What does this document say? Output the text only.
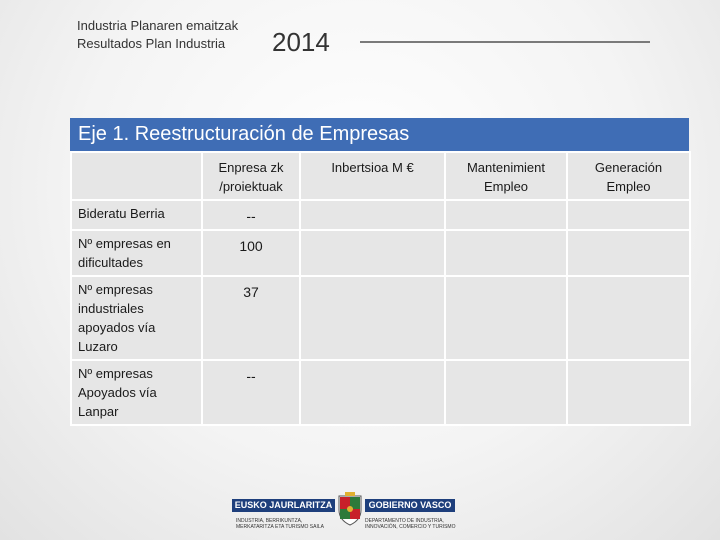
Industria Planaren emaitzak
Resultados Plan Industria	2014
Eje 1. Reestructuración de Empresas
	Enpresa zk /proiektuak	Inbertsioa M €	Mantenimient Empleo	Generación Empleo
Bideratu Berria	--			
Nº empresas en dificultades	100			
Nº empresas industriales apoyados vía Luzaro	37			
Nº empresas Apoyados vía Lanpar	--			
EUSKO JAURLARITZA	GOBIERNO VASCO
INDUSTRIA, BERRIKUNTZA, MERKATARITZA ETA TURISMO SAILA
DEPARTAMENTO DE INDUSTRIA, INNOVACIÓN, COMERCIO Y TURISMO
